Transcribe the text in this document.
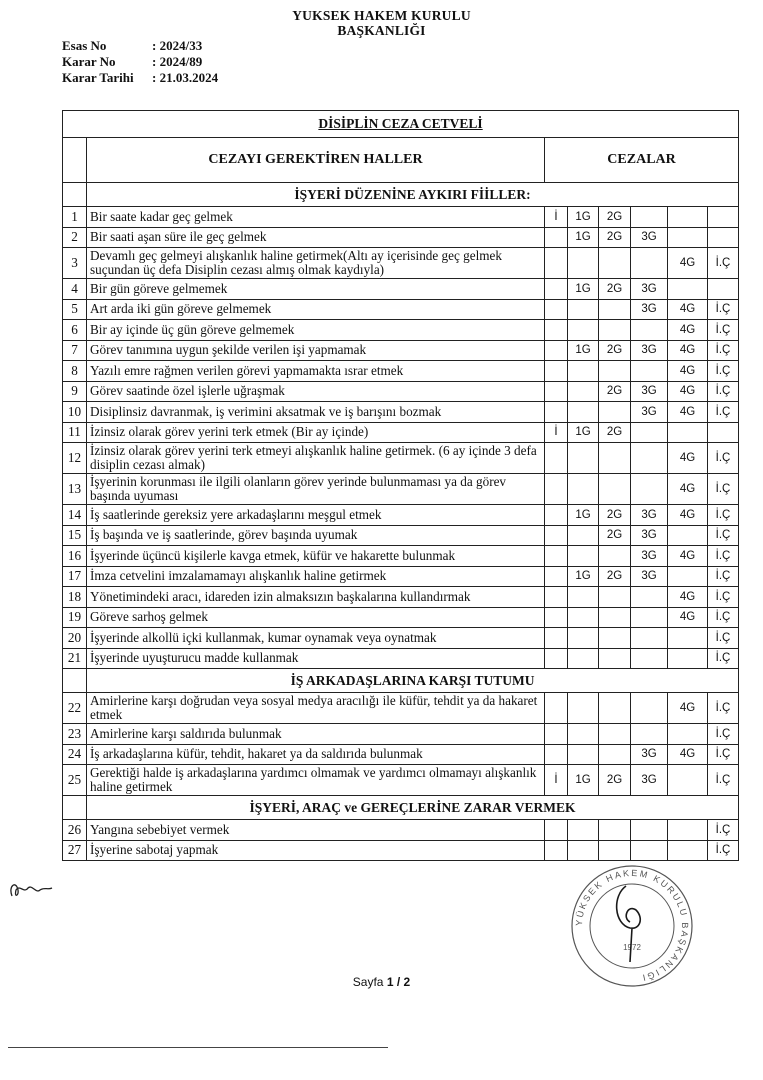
YUKSEK HAKEM KURULU
BAŞKANLIĞI
Esas No	: 2024/33
Karar No	: 2024/89
Karar Tarihi	: 21.03.2024
DİSİPLİN CEZA CETVELİ							
	CEZAYI GEREKTİREN HALLER	CEZALAR					
	İŞYERİ DÜZENİNE AYKIRI FİİLLER:						
1	Bir saate kadar geç gelmek	İ	1G	2G			
2	Bir saati aşan süre ile geç gelmek		1G	2G	3G		
3	Devamlı geç gelmeyi alışkanlık haline getirmek(Altı ay içerisinde geç gelmek suçundan üç defa Disiplin cezası almış olmak kaydıyla)					4G	İ.Ç
4	Bir gün göreve gelmemek		1G	2G	3G		
5	Art arda iki gün göreve gelmemek				3G	4G	İ.Ç
6	Bir ay içinde üç gün göreve gelmemek					4G	İ.Ç
7	Görev tanımına uygun şekilde verilen işi yapmamak		1G	2G	3G	4G	İ.Ç
8	Yazılı emre rağmen verilen görevi yapmamakta ısrar etmek					4G	İ.Ç
9	Görev saatinde özel işlerle uğraşmak			2G	3G	4G	İ.Ç
10	Disiplinsiz davranmak, iş verimini aksatmak ve iş barışını bozmak				3G	4G	İ.Ç
11	İzinsiz olarak görev yerini terk etmek (Bir ay içinde)	İ	1G	2G			
12	İzinsiz olarak görev yerini terk etmeyi alışkanlık haline getirmek. (6 ay içinde 3 defa disiplin cezası almak)					4G	İ.Ç
13	İşyerinin korunması ile ilgili olanların görev yerinde bulunmaması ya da görev başında uyuması					4G	İ.Ç
14	İş saatlerinde gereksiz yere arkadaşlarını meşgul etmek		1G	2G	3G	4G	İ.Ç
15	İş başında ve iş saatlerinde, görev başında uyumak			2G	3G		İ.Ç
16	İşyerinde üçüncü kişilerle kavga etmek, küfür ve hakarette bulunmak				3G	4G	İ.Ç
17	İmza cetvelini imzalamamayı alışkanlık haline getirmek		1G	2G	3G		İ.Ç
18	Yönetimindeki aracı, idareden izin almaksızın başkalarına kullandırmak					4G	İ.Ç
19	Göreve sarhoş gelmek					4G	İ.Ç
20	İşyerinde alkollü içki kullanmak, kumar oynamak veya oynatmak						İ.Ç
21	İşyerinde uyuşturucu madde kullanmak						İ.Ç
	İŞ ARKADAŞLARINA KARŞI TUTUMU						
22	Amirlerine karşı doğrudan veya sosyal medya aracılığı ile küfür, tehdit ya da hakaret etmek					4G	İ.Ç
23	Amirlerine karşı saldırıda bulunmak						İ.Ç
24	İş arkadaşlarına küfür, tehdit, hakaret ya da saldırıda bulunmak				3G	4G	İ.Ç
25	Gerektiği halde iş arkadaşlarına yardımcı olmamak ve yardımcı olmamayı alışkanlık haline getirmek	İ	1G	2G	3G		İ.Ç
	İŞYERİ, ARAÇ ve GEREÇLERİNE ZARAR VERMEK						
26	Yangına sebebiyet vermek						İ.Ç
27	İşyerine sabotaj yapmak						İ.Ç
Sayfa 1 / 2
YÜKSEK HAKEM KURULU BAŞKANLIĞI
1972
